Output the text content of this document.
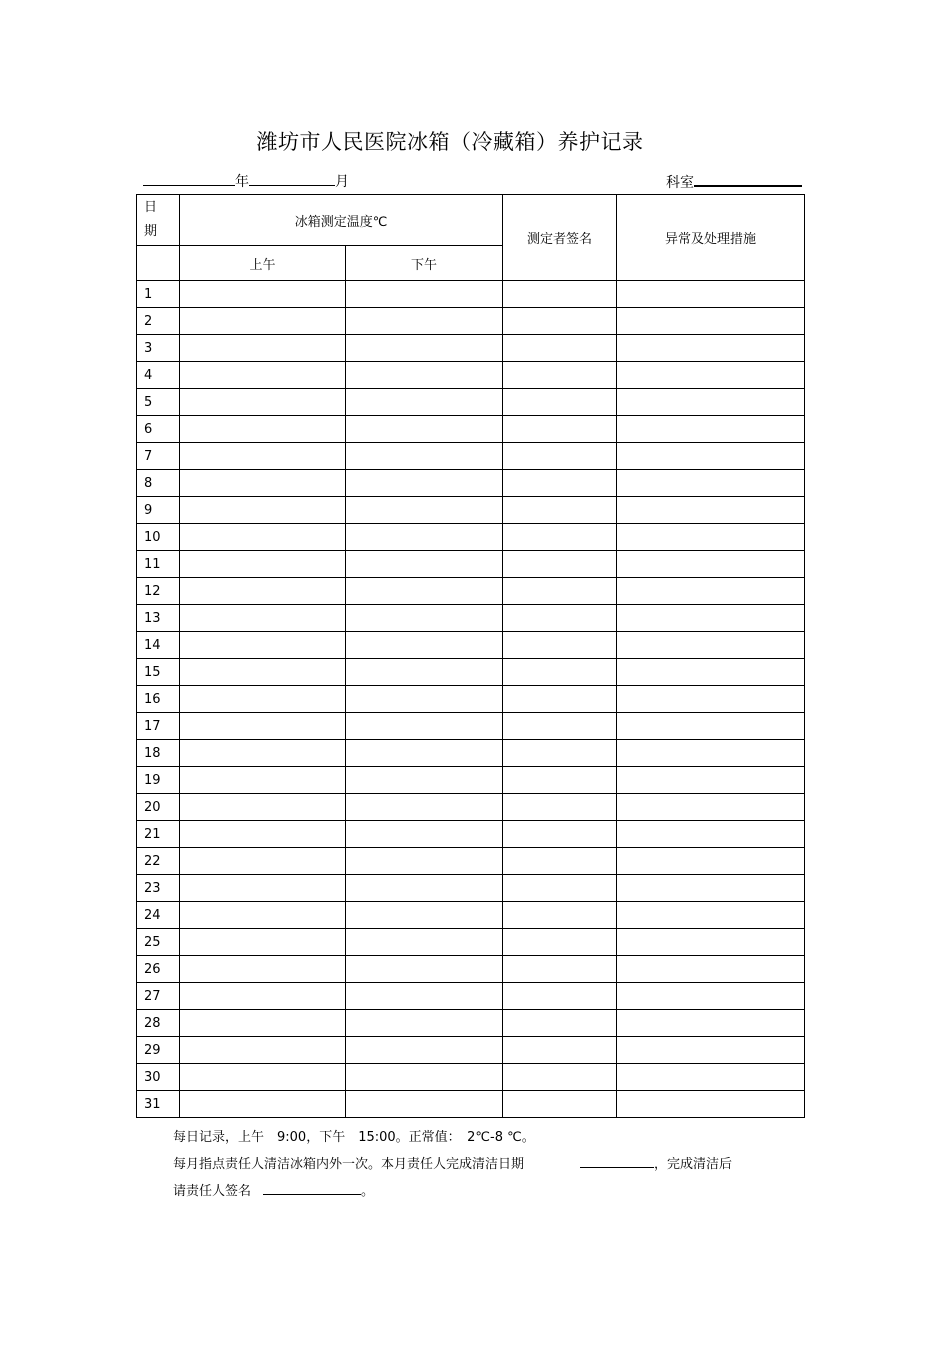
潍坊市人民医院冰箱（冷藏箱）养护记录
年	月	科室
日
期	冰箱测定温度℃		测定者签名	异常及处理措施
	上午	下午		
1				
2				
3				
4				
5				
6				
7				
8				
9				
10				
11				
12				
13				
14				
15				
16				
17				
18				
19				
20				
21				
22				
23				
24				
25				
26				
27				
28				
29				
30				
31				
每日记录，上午　9:00，下午　15:00。正常值：　2℃-8 ℃。
每月指点责任人清洁冰箱内外一次。本月责任人完成清洁日期	，完成清洁后
请责任人签名	。
